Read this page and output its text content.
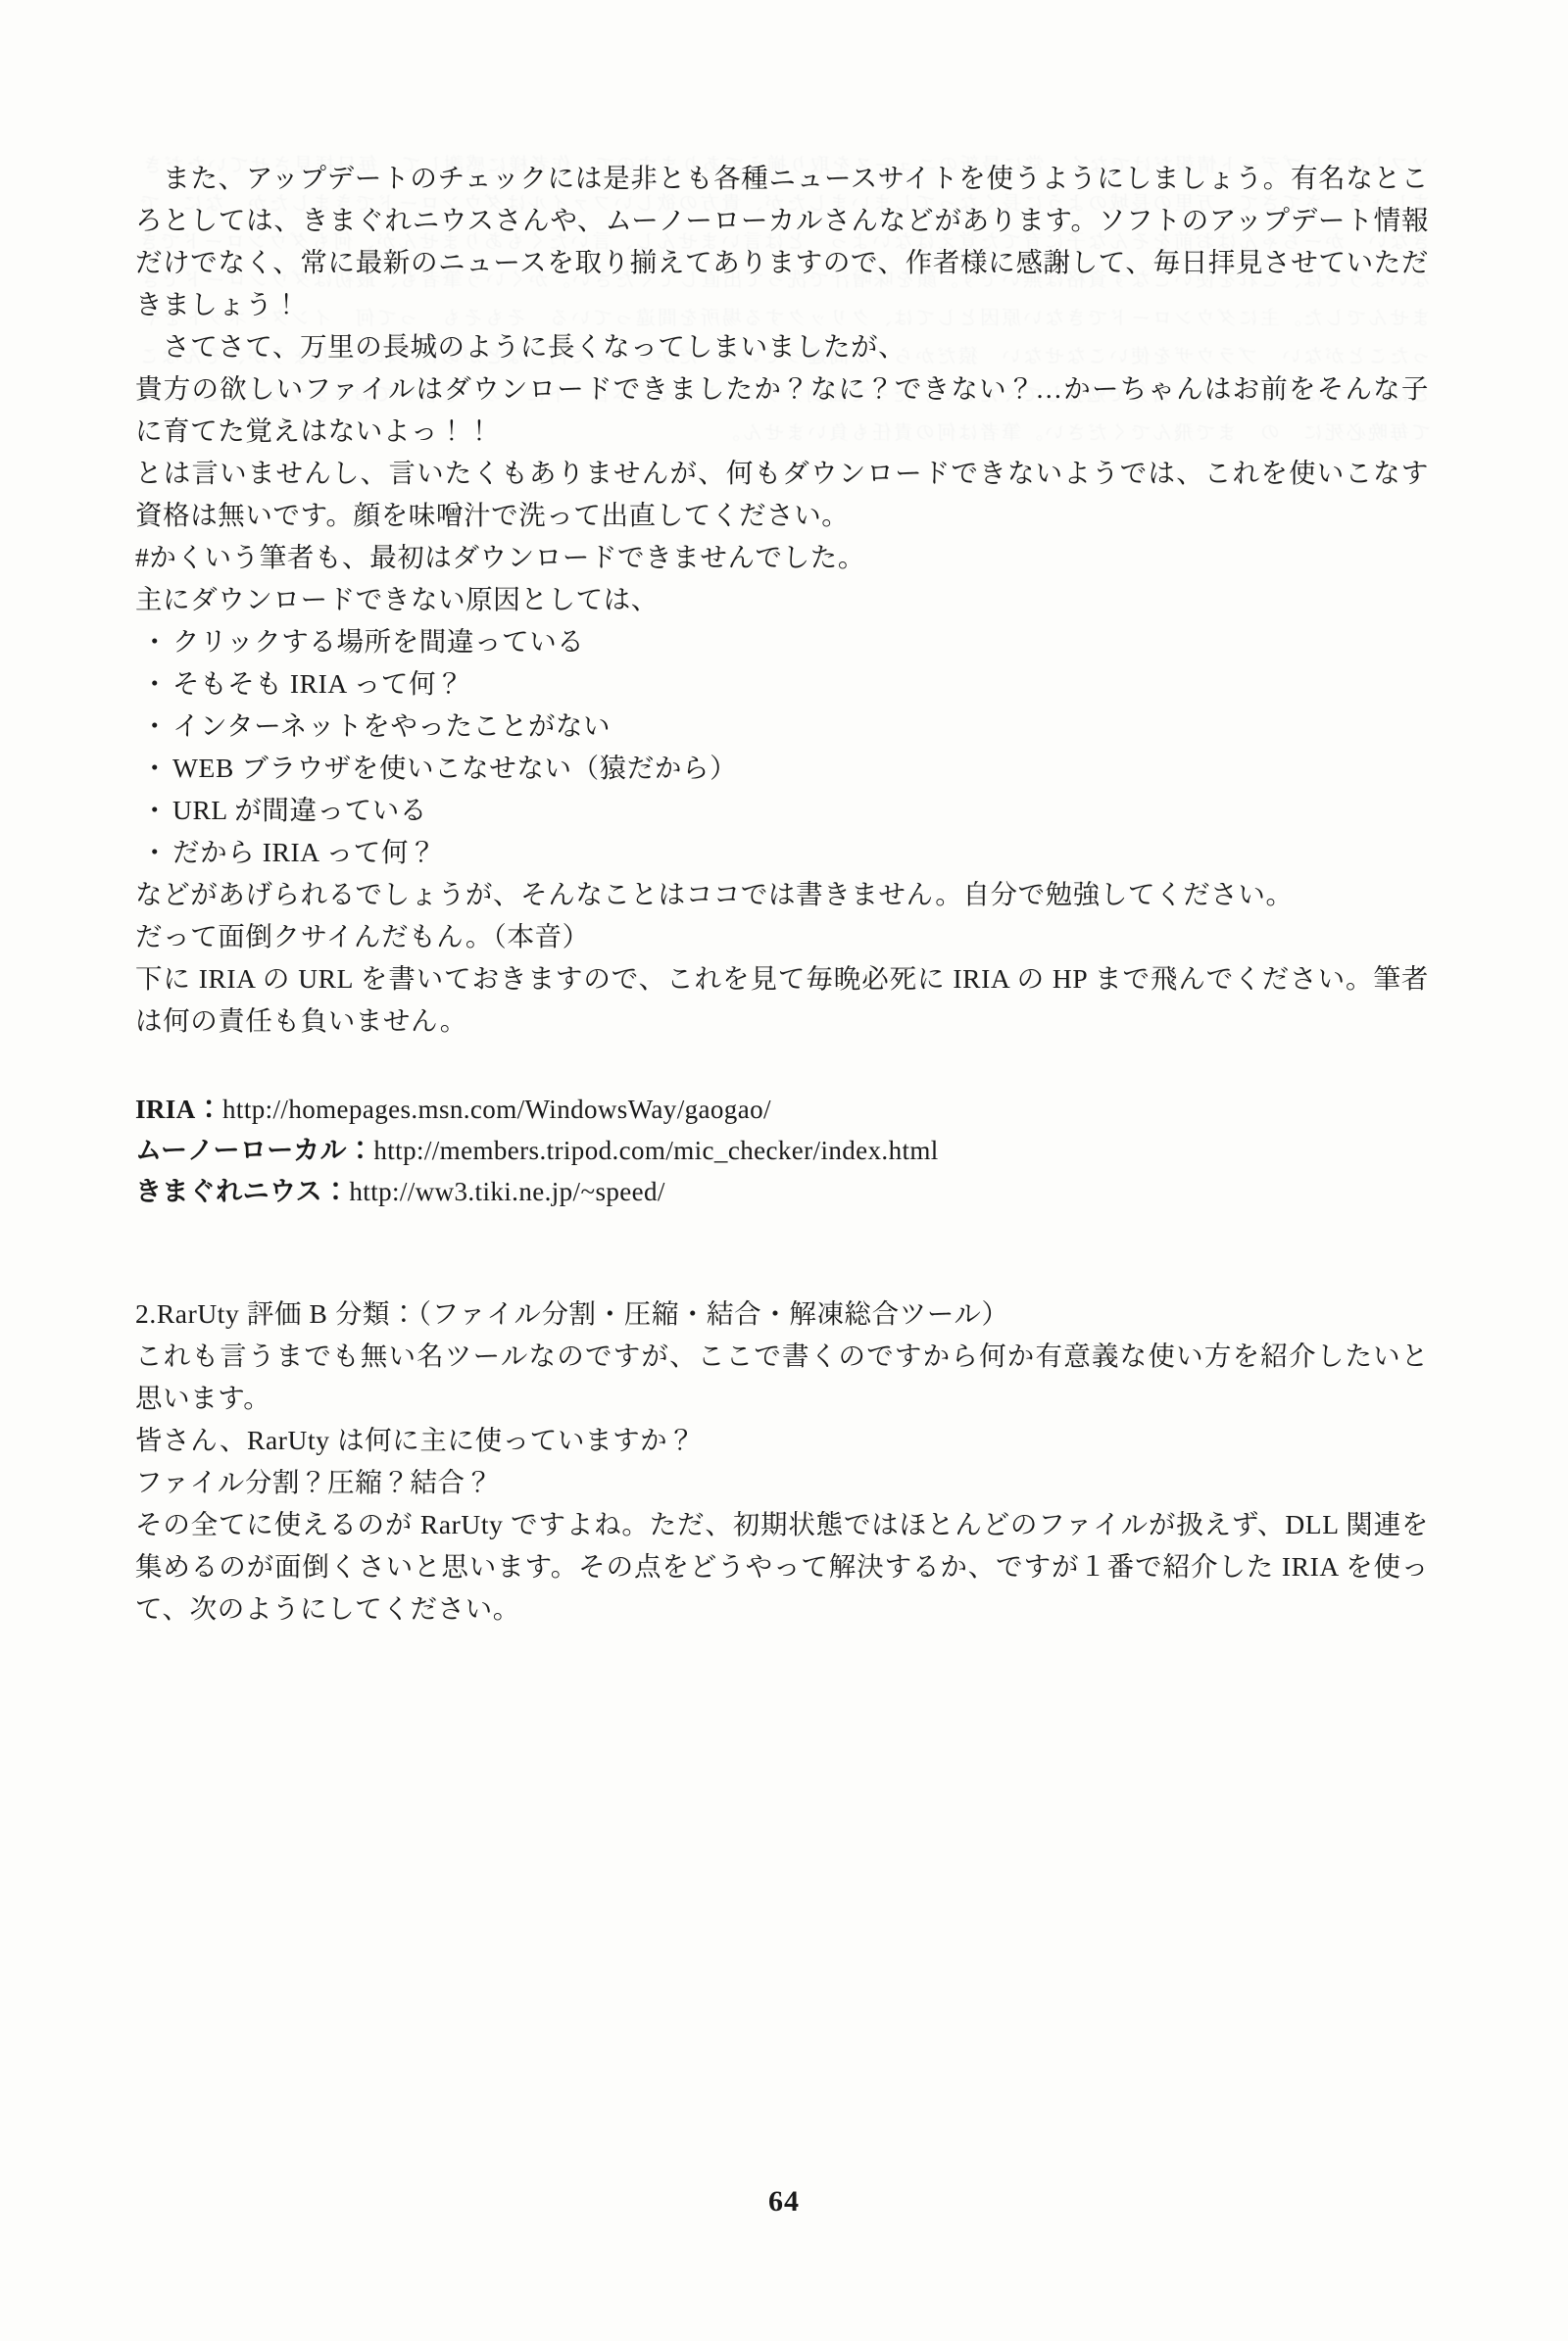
　また、アップデートのチェックには是非とも各種ニュースサイトを使うようにしましょう。有名なところとしては、きまぐれニウスさんや、ムーノーローカルさんなどがあります。ソフトのアップデート情報だけでなく、常に最新のニュースを取り揃えてありますので、作者様に感謝して、毎日拝見させていただきましょう！

　さてさて、万里の長城のように長くなってしまいましたが、

貴方の欲しいファイルはダウンロードできましたか？なに？できない？…かーちゃんはお前をそんな子に育てた覚えはないよっ！！

とは言いませんし、言いたくもありませんが、何もダウンロードできないようでは、これを使いこなす資格は無いです。顔を味噌汁で洗って出直してください。

#かくいう筆者も、最初はダウンロードできませんでした。

主にダウンロードできない原因としては、

・ クリックする場所を間違っている
・ そもそも IRIA って何？
・ インターネットをやったことがない
・ WEB ブラウザを使いこなせない（猿だから）
・ URL が間違っている
・ だから IRIA って何？

などがあげられるでしょうが、そんなことはココでは書きません。自分で勉強してください。

だって面倒クサイんだもん。（本音）

下に IRIA の URL を書いておきますので、これを見て毎晩必死に IRIA の HP まで飛んでください。筆者は何の責任も負いません。

IRIA：http://homepages.msn.com/WindowsWay/gaogao/
ムーノーローカル：http://members.tripod.com/mic_checker/index.html
きまぐれニウス：http://ww3.tiki.ne.jp/~speed/
2.RarUty 評価 B 分類：（ファイル分割・圧縮・結合・解凍総合ツール）

これも言うまでも無い名ツールなのですが、ここで書くのですから何か有意義な使い方を紹介したいと思います。

皆さん、RarUty は何に主に使っていますか？

ファイル分割？圧縮？結合？

その全てに使えるのが RarUty ですよね。ただ、初期状態ではほとんどのファイルが扱えず、DLL 関連を集めるのが面倒くさいと思います。その点をどうやって解決するか、ですが１番で紹介した IRIA を使って、次のようにしてください。

64
